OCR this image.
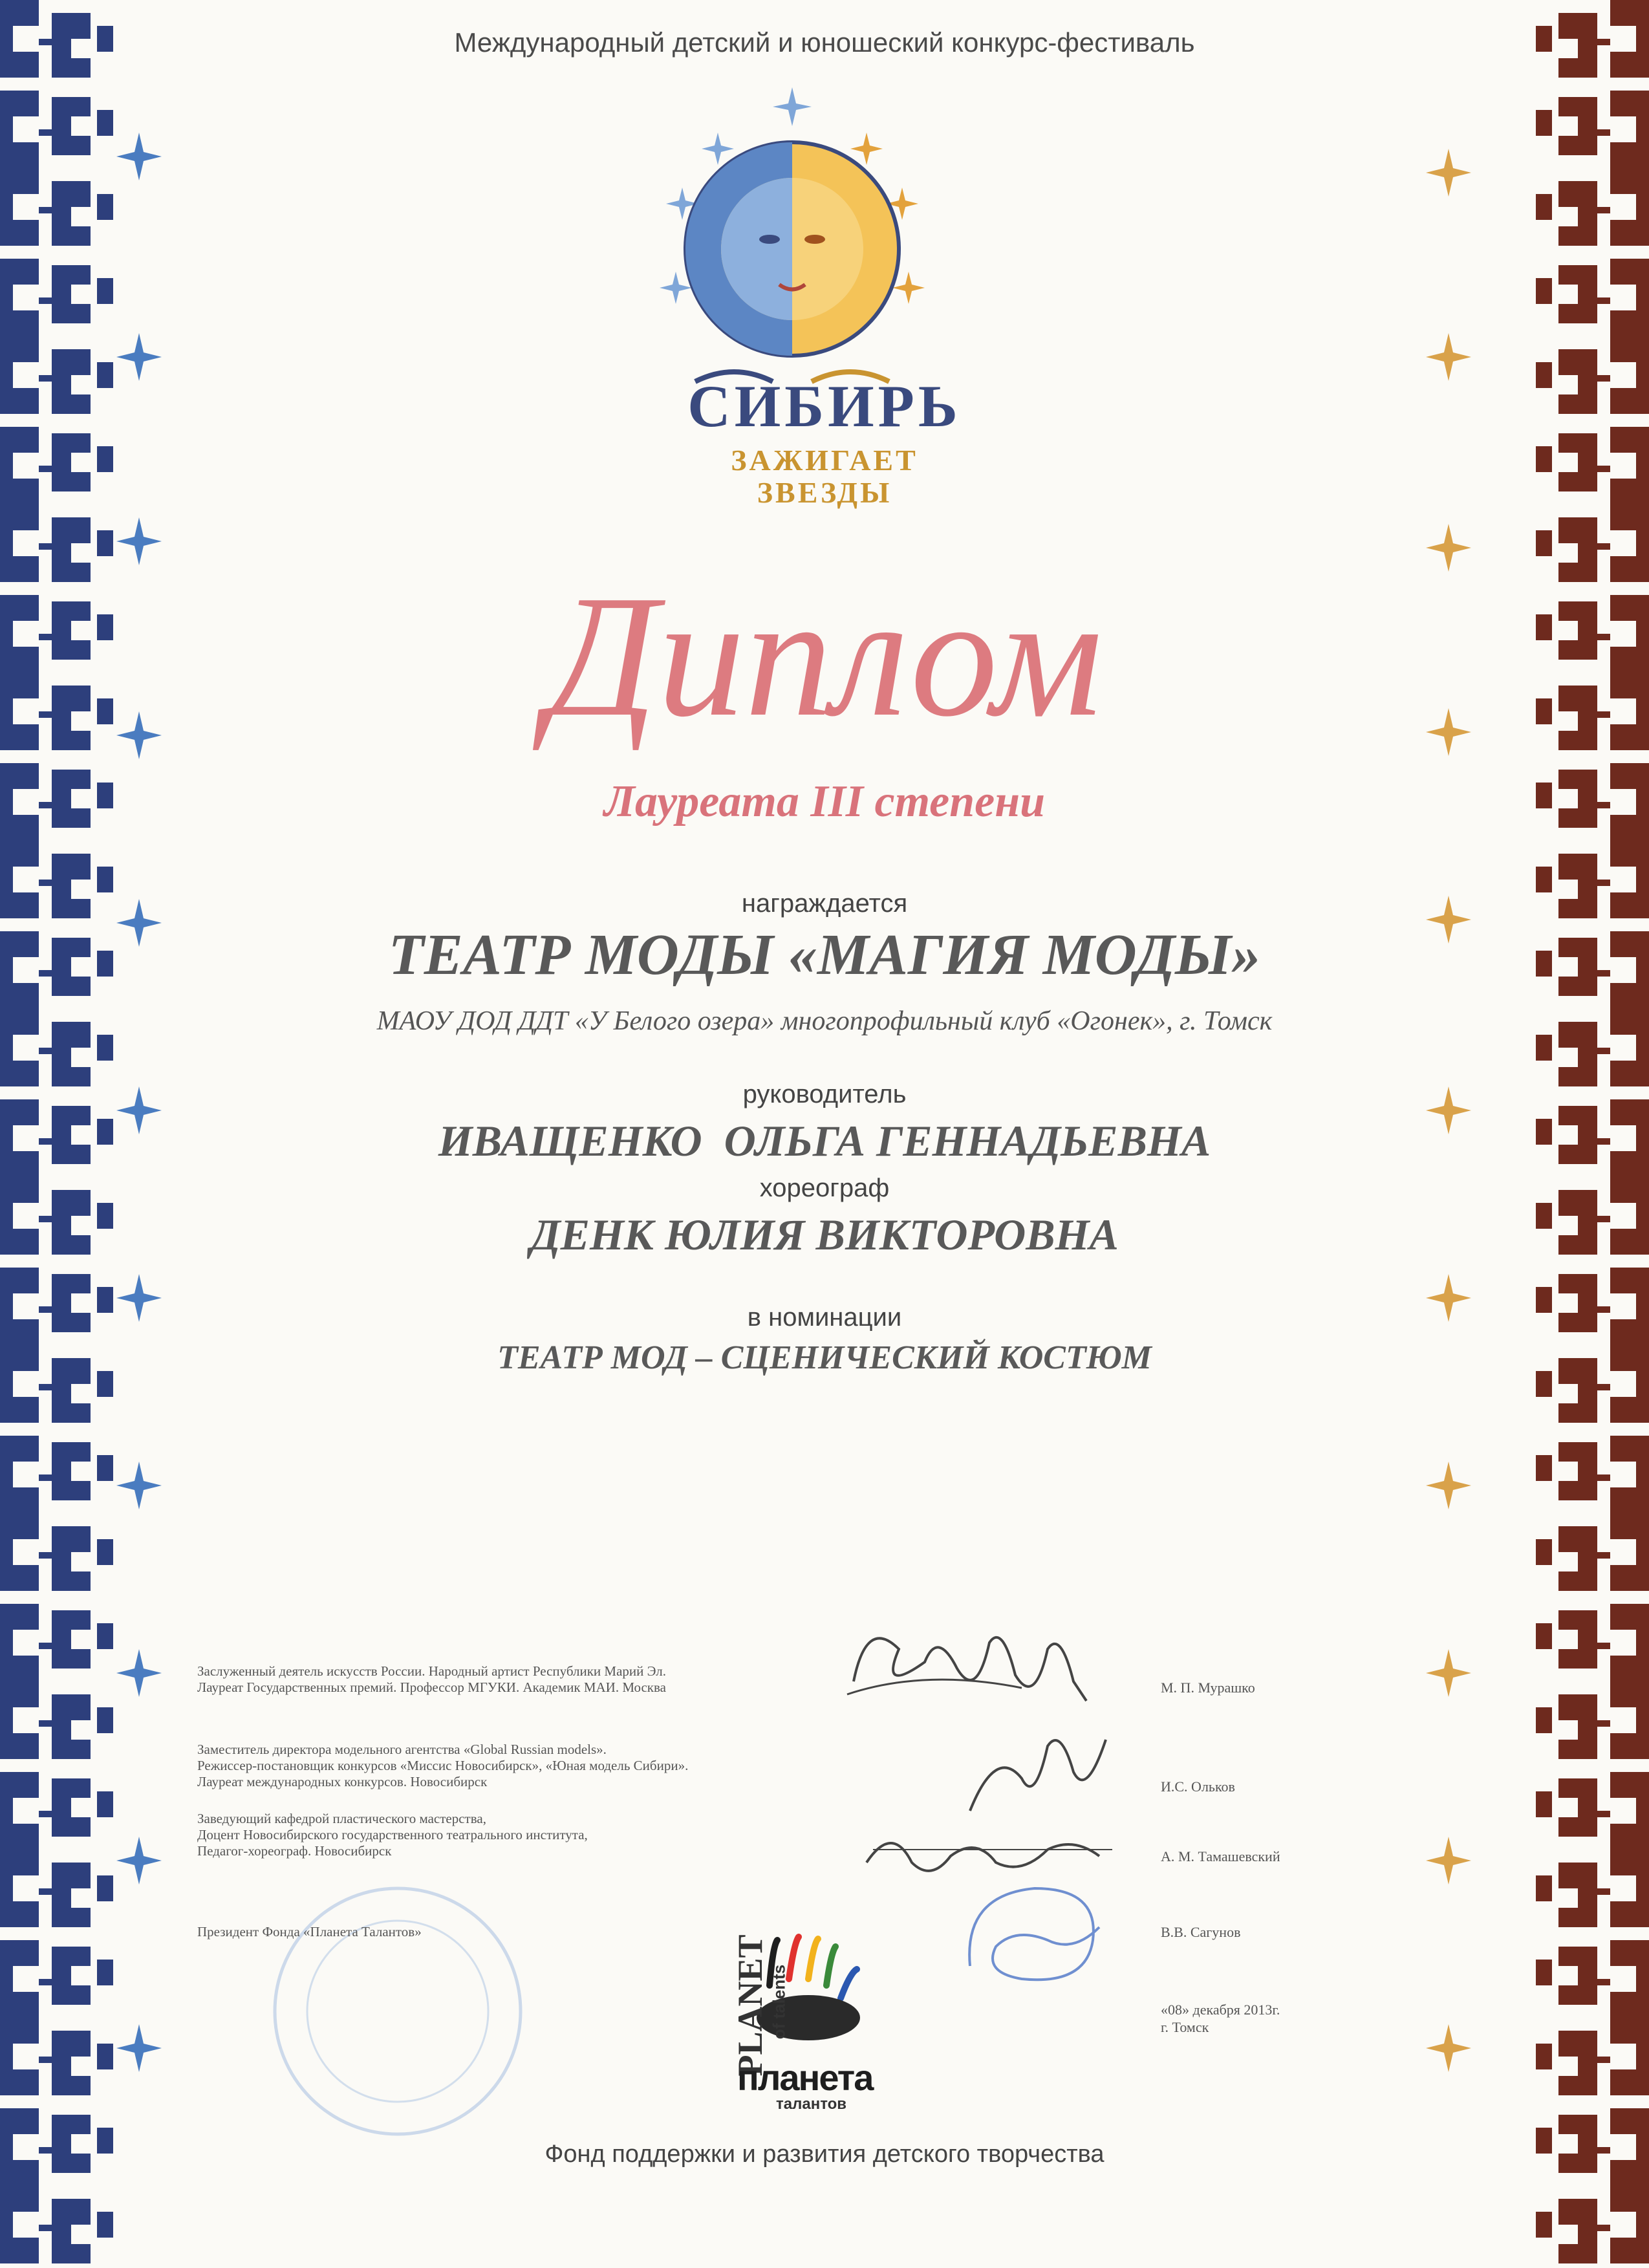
Международный детский и юношеский конкурс-фестиваль

СИБИРЬ

ЗАЖИГАЕТ

ЗВЕЗДЫ

Диплом

Лауреата III степени

награждается

ТЕАТР МОДЫ «МАГИЯ МОДЫ»

МАОУ ДОД ДДТ «У Белого озера» многопрофильный клуб «Огонек», г. Томск

руководитель

ИВАЩЕНКО  ОЛЬГА ГЕННАДЬЕВНА

хореограф

ДЕНК ЮЛИЯ ВИКТОРОВНА

в номинации

ТЕАТР МОД – СЦЕНИЧЕСКИЙ КОСТЮМ

Заслуженный деятель искусств России. Народный артист Республики Марий Эл.

Лауреат Государственных премий. Профессор МГУКИ. Академик МАИ. Москва	М. П. Мурашко

Заместитель директора модельного агентства «Global Russian models».

Режиссер-постановщик конкурсов «Миссис Новосибирск», «Юная модель Сибири».

Лауреат международных конкурсов. Новосибирск	И.С. Ольков

Заведующий кафедрой пластического мастерства,

Доцент Новосибирского государственного театрального института,

Педагог-хореограф. Новосибирск	А. М. Тамашевский

Президент Фонда «Планета Талантов»	В.В. Сагунов

«08» декабря 2013г.

г. Томск

PLANET of talents

планета

талантов

Фонд поддержки и развития детского творчества
